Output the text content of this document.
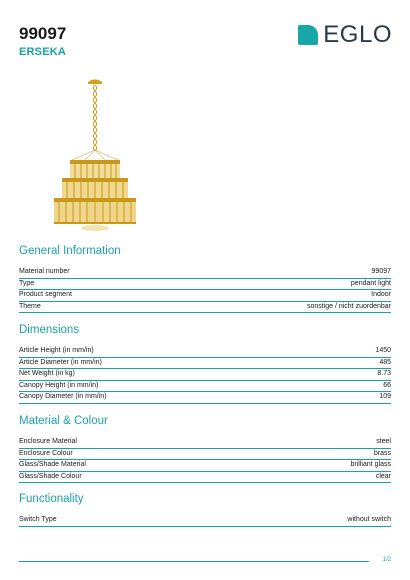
99097
ERSEKA
EGLO
General Information
Material number	99097
Type	pendant light
Product segment	Indoor
Theme	sonstige / nicht zuordenbar
Dimensions
Article Height (in mm/in)	1450
Article Diameter (in mm/in)	485
Net Weight (in kg)	8.73
Canopy Height (in mm/in)	66
Canopy Diameter (in mm/in)	109
Material & Colour
Enclosure Material	steel
Enclosure Colour	brass
Glass/Shade Material	brilliant glass
Glass/Shade Colour	clear
Functionality
Switch Type	without switch
1/2
